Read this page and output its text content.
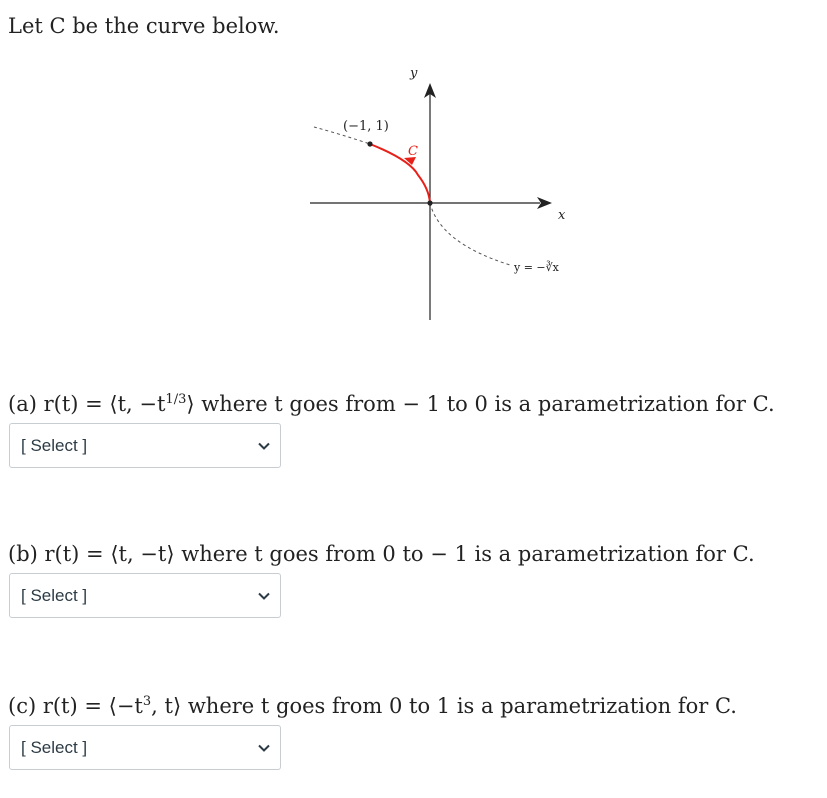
Let C be the curve below.
y
x
(−1, 1)
C
y = −∛x
(a) r(t) = ⟨t, $-t^{1/3}⟩$ where t goes from − 1 to 0 is a parametrization for C.
[ Select ]
(b) r(t) = ⟨t, −t⟩ where t goes from 0 to − 1 is a parametrization for C.
[ Select ]
(c) $r(t) = ⟨-t^3$, t⟩ where t goes from 0 to 1 is a parametrization for C.
[ Select ]
